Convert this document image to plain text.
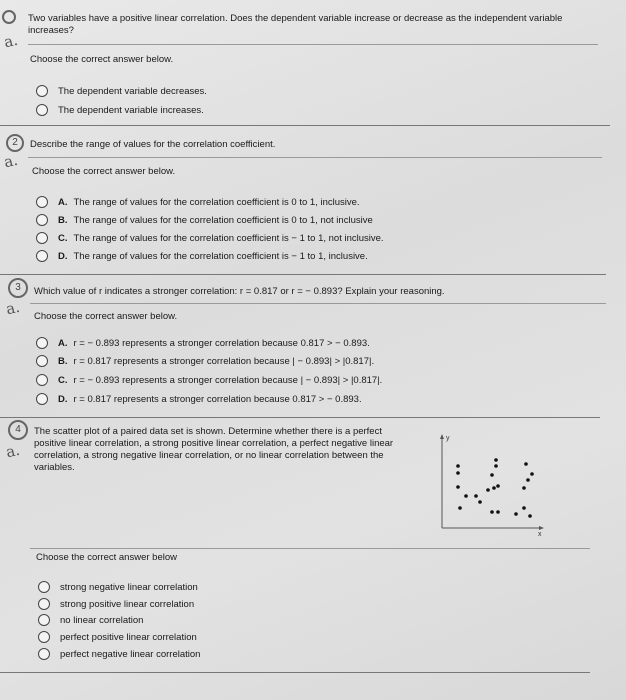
a.
Two variables have a positive linear correlation. Does the dependent variable increase or decrease as the independent variable increases?
Choose the correct answer below.
The dependent variable decreases.
The dependent variable increases.
2
a.
Describe the range of values for the correlation coefficient.
Choose the correct answer below.
A. The range of values for the correlation coefficient is 0 to 1, inclusive.
B. The range of values for the correlation coefficient is 0 to 1, not inclusive
C. The range of values for the correlation coefficient is − 1 to 1, not inclusive.
D. The range of values for the correlation coefficient is − 1 to 1, inclusive.
3
a.
Which value of r indicates a stronger correlation: r = 0.817 or r = − 0.893? Explain your reasoning.
Choose the correct answer below.
A. r = − 0.893 represents a stronger correlation because 0.817 > − 0.893.
B. r = 0.817 represents a stronger correlation because | − 0.893| > |0.817|.
C. r = − 0.893 represents a stronger correlation because | − 0.893| > |0.817|.
D. r = 0.817 represents a stronger correlation because 0.817 > − 0.893.
4
a.
The scatter plot of a paired data set is shown. Determine whether there is a perfect positive linear correlation, a strong positive linear correlation, a perfect negative linear correlation, a strong negative linear correlation, or no linear correlation between the variables.
y
x
Choose the correct answer below
strong negative linear correlation
strong positive linear correlation
no linear correlation
perfect positive linear correlation
perfect negative linear correlation
